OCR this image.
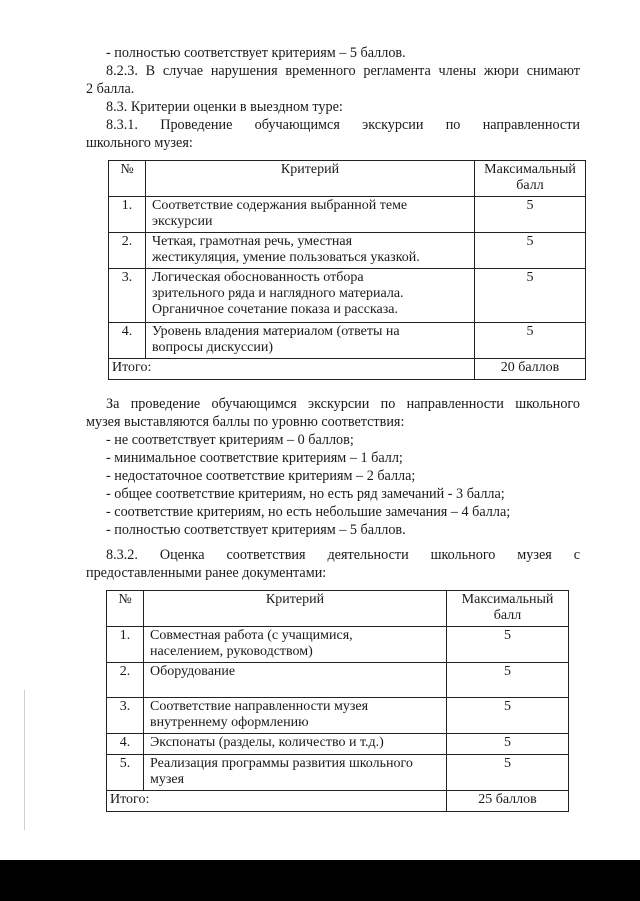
- полностью соответствует критериям – 5 баллов.
8.2.3. В случае нарушения временного регламента члены жюри снимают
2 балла.
8.3. Критерии оценки в выездном туре:
8.3.1. Проведение обучающимся экскурсии по направленности
школьного музея:
№	Критерий	Максимальный
балл
1.	Соответствие содержания выбранной теме
экскурсии	5
2.	Четкая, грамотная речь, уместная
жестикуляция, умение пользоваться указкой.	5
3.	Логическая обоснованность отбора
зрительного ряда и наглядного материала.
Органичное сочетание показа и рассказа.	5
4.	Уровень владения материалом (ответы на
вопросы дискуссии)	5
Итого:		20 баллов
За проведение обучающимся экскурсии по направленности школьного
музея выставляются баллы по уровню соответствия:
- не соответствует критериям – 0 баллов;
- минимальное соответствие критериям – 1 балл;
- недостаточное соответствие критериям – 2 балла;
- общее соответствие критериям, но есть ряд замечаний - 3 балла;
- соответствие критериям, но есть небольшие замечания – 4 балла;
- полностью соответствует критериям – 5 баллов.
8.3.2. Оценка соответствия деятельности школьного музея с
предоставленными ранее документами:
№	Критерий	Максимальный
балл
1.	Совместная работа (с учащимися,
населением, руководством)	5
2.	Оборудование	5
3.	Соответствие направленности музея
внутреннему оформлению	5
4.	Экспонаты (разделы, количество и т.д.)	5
5.	Реализация программы развития школьного
музея	5
Итого:		25 баллов
